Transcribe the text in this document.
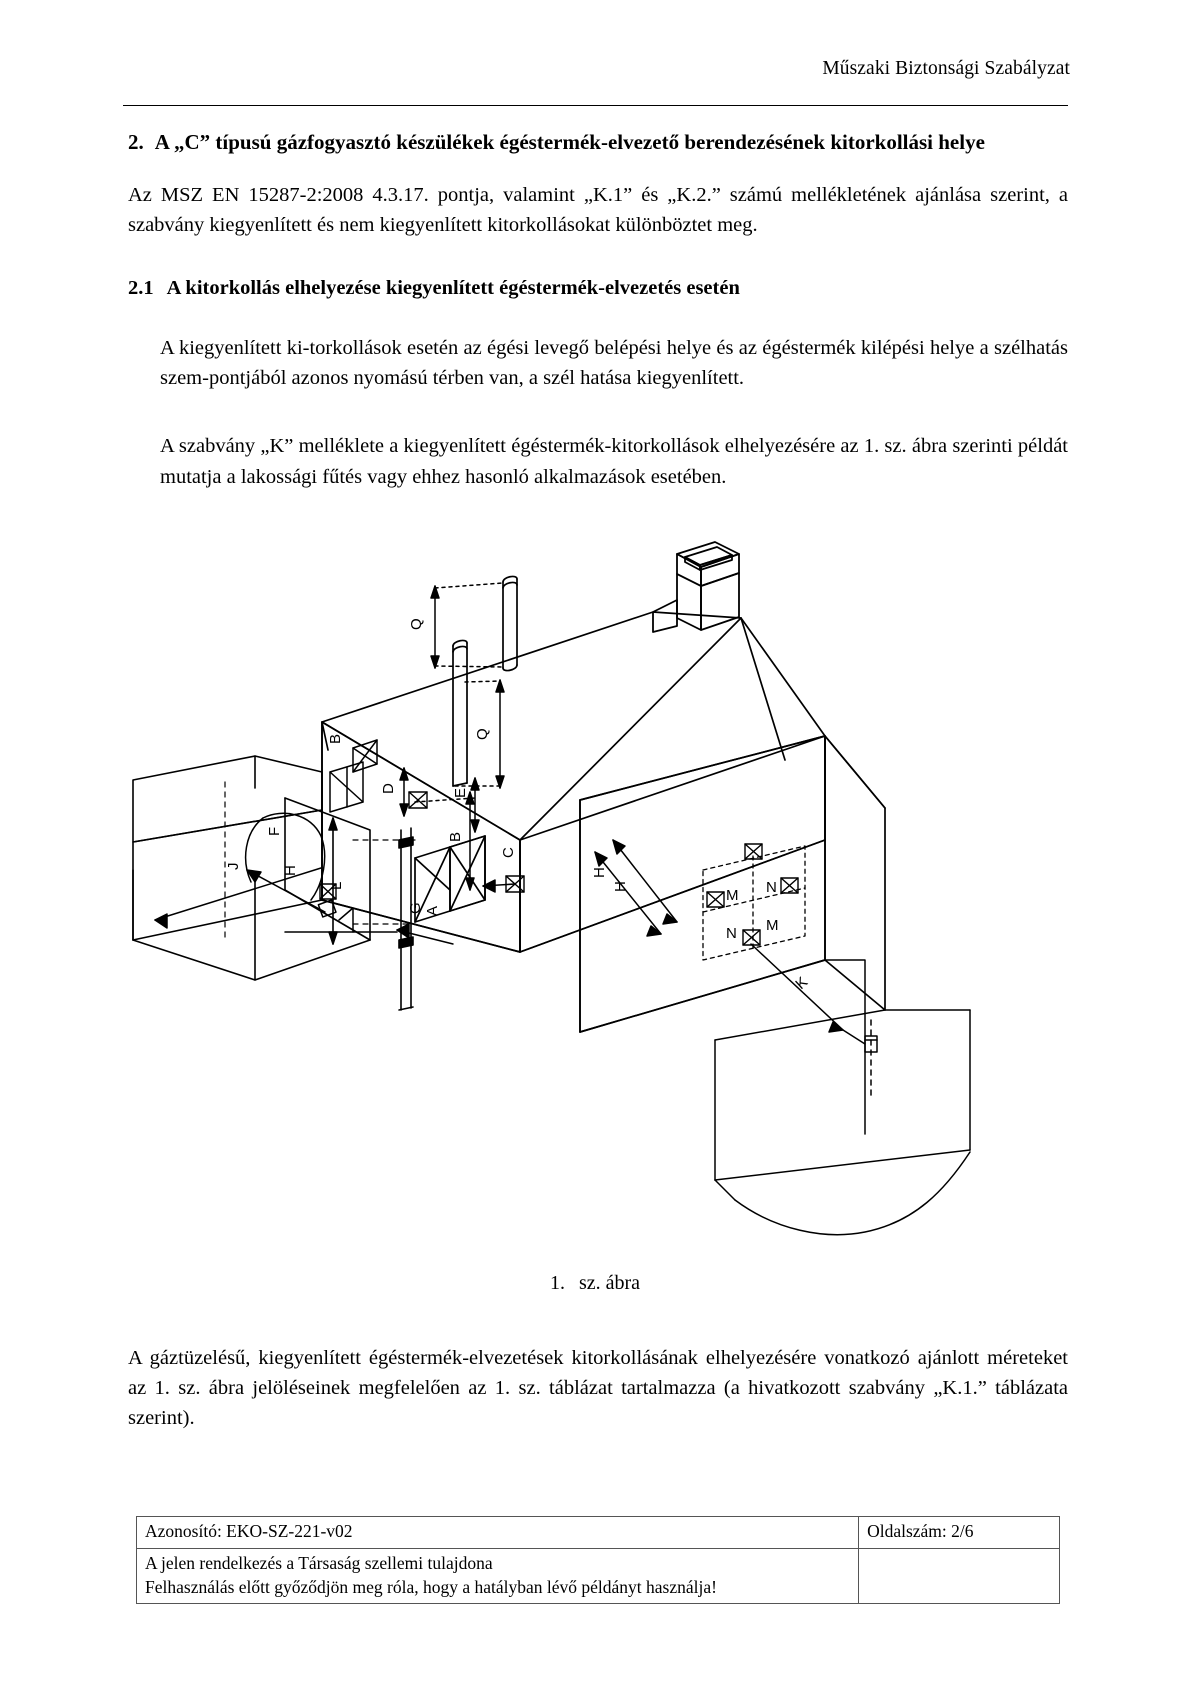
Műszaki Biztonsági Szabályzat
2. A „C” típusú gázfogyasztó készülékek égéstermék-elvezető berendezésének kitorkollási helye

Az MSZ EN 15287-2:2008 4.3.17. pontja, valamint „K.1” és „K.2.” számú mellékletének ajánlása szerint, a szabvány kiegyenlített és nem kiegyenlített kitorkollásokat különböztet meg.

2.1 A kitorkollás elhelyezése kiegyenlített égéstermék-elvezetés esetén

A kiegyenlített ki-torkollások esetén az égési levegő belépési helye és az égéstermék kilépési helye a szélhatás szem-pontjából azonos nyomású térben van, a szél hatása kiegyenlített.

A szabvány „K” melléklete a kiegyenlített égéstermék-kitorkollások elhelyezésére az 1. sz. ábra szerinti példát mutatja a lakossági fűtés vagy ehhez hasonló alkalmazások esetében.

Q
Q
B
E
D
B
C
F
H
J
L
G A
H
H
M N
N M
K
1. sz. ábra

A gáztüzelésű, kiegyenlített égéstermék-elvezetések kitorkollásának elhelyezésére vonatkozó ajánlott méreteket az 1. sz. ábra jelöléseinek megfelelően az 1. sz. táblázat tartalmazza (a hivatkozott szabvány „K.1.” táblázata szerint).

Azonosító: EKO-SZ-221-v02	Oldalszám: 2/6

A jelen rendelkezés a Társaság szellemi tulajdona
Felhasználás előtt győződjön meg róla, hogy a hatályban lévő példányt használja!	
